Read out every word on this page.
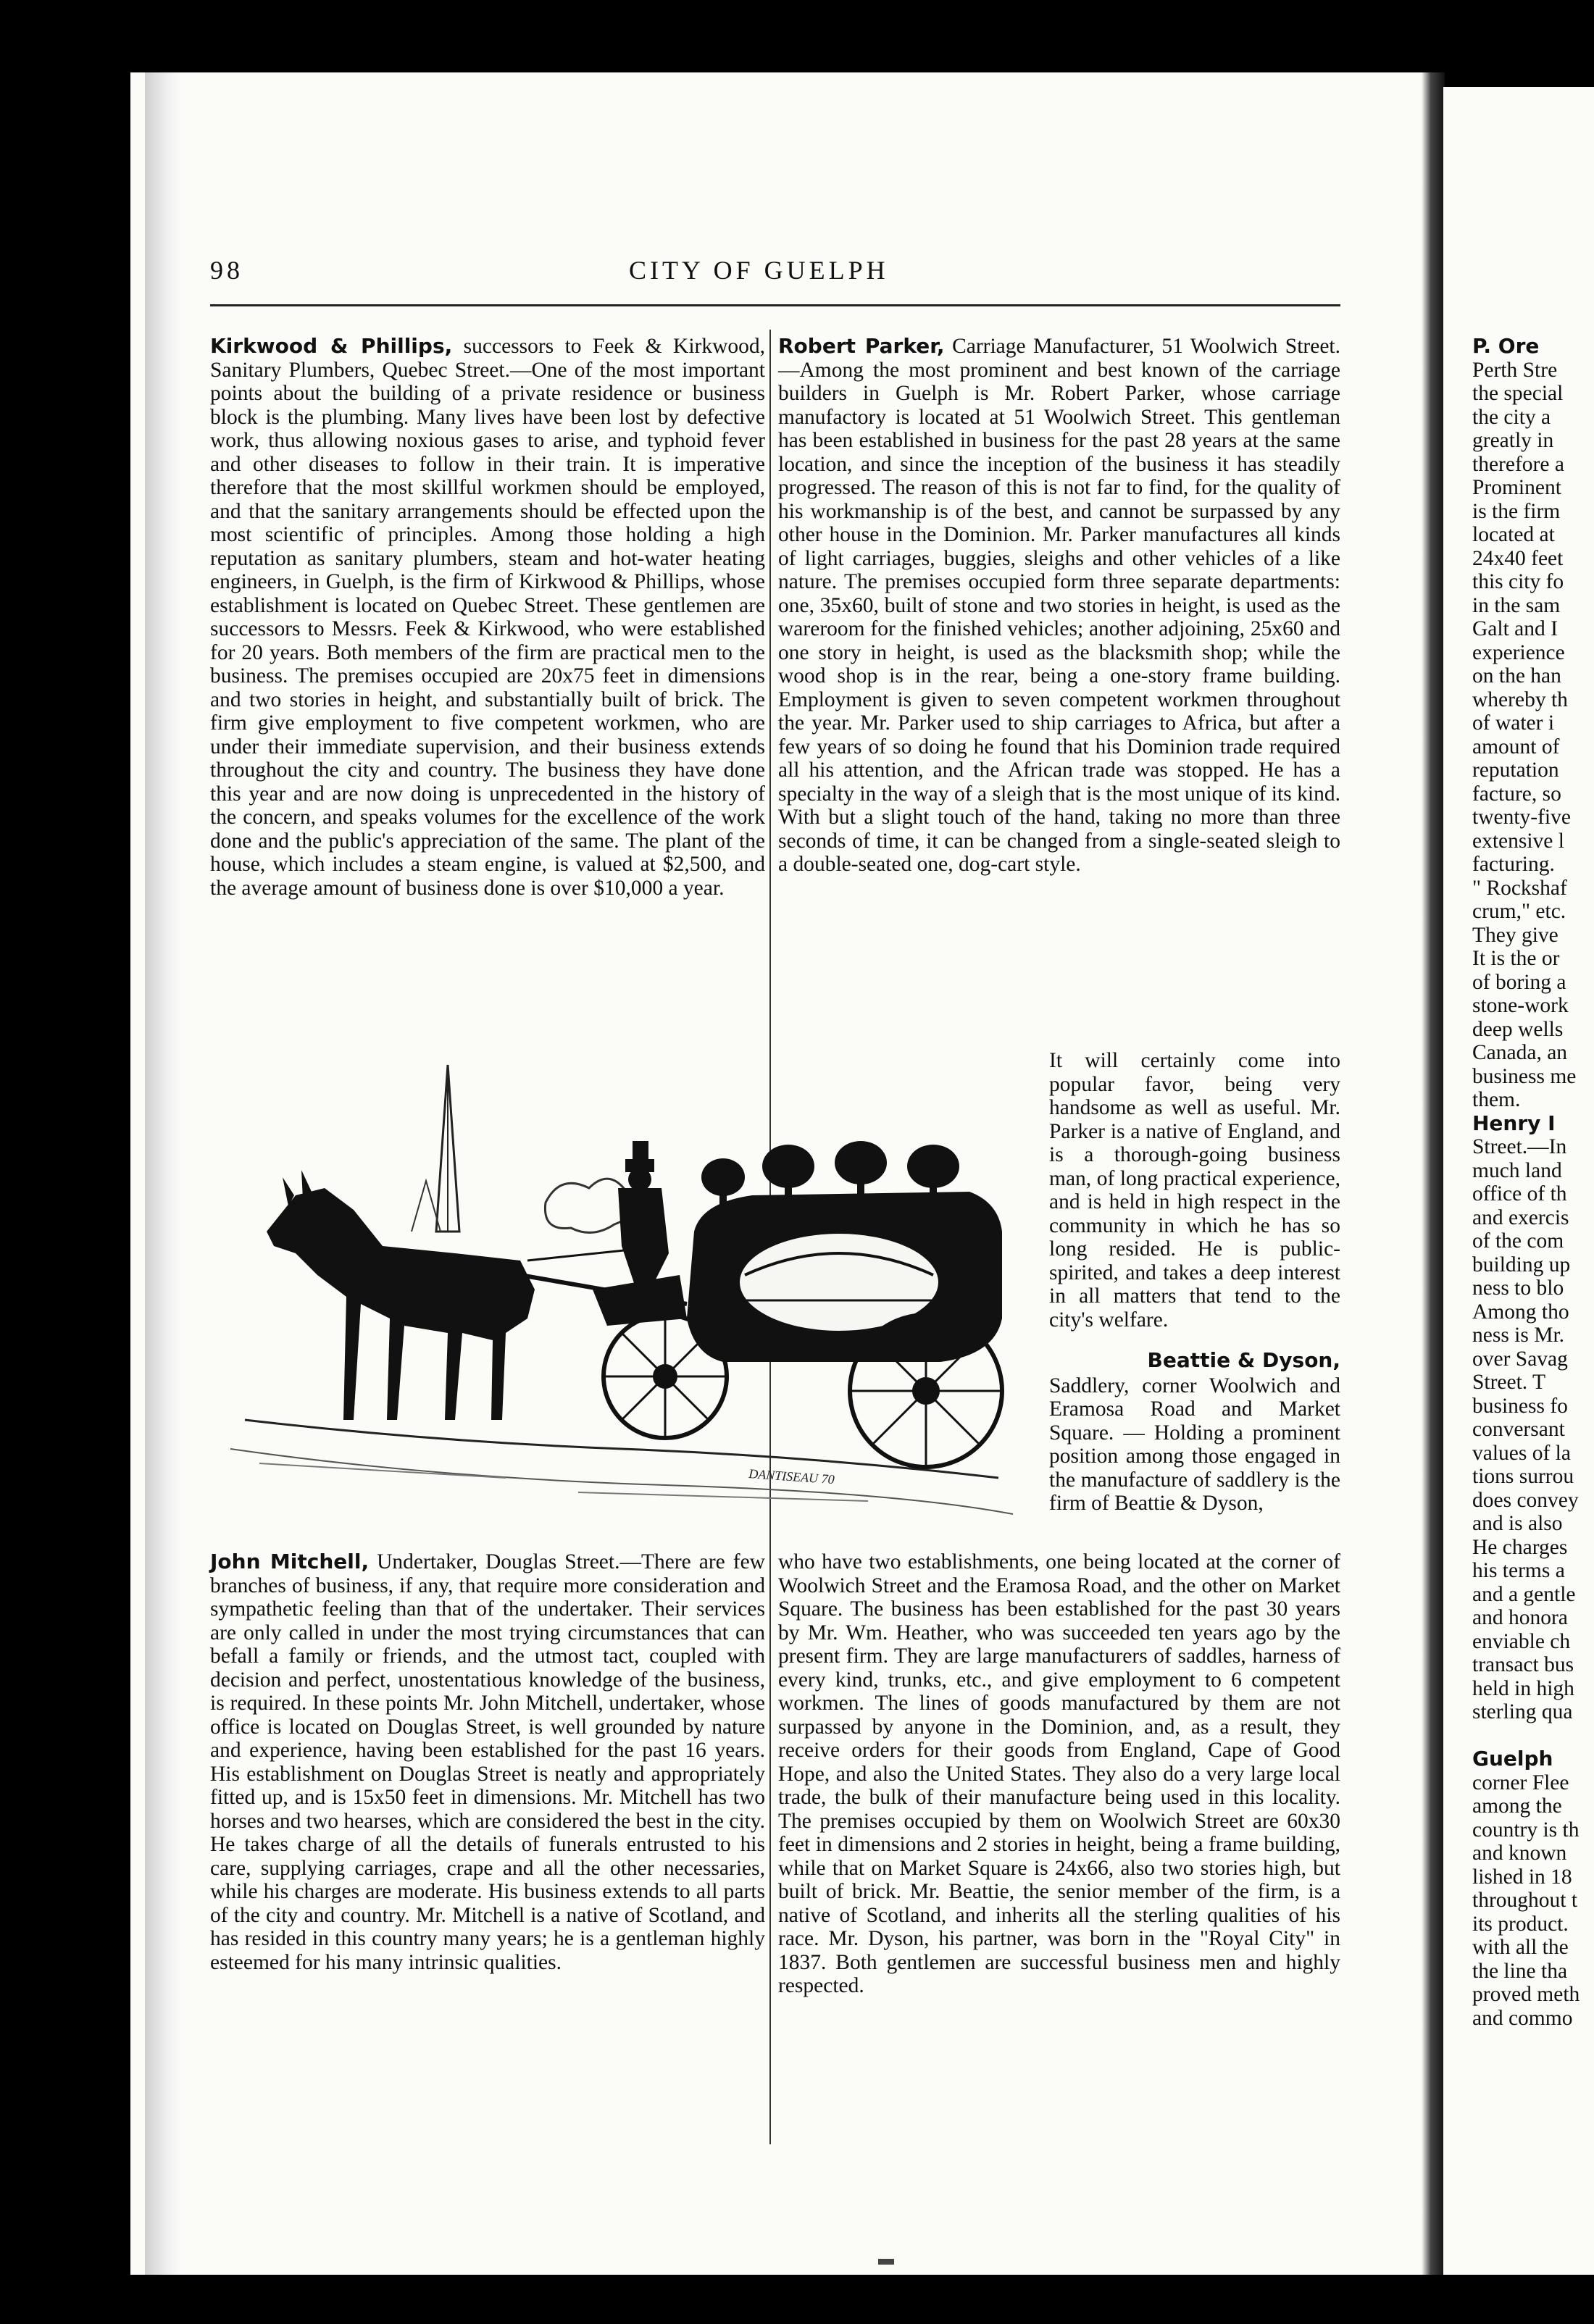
98	CITY OF GUELPH

Kirkwood & Phillips, successors to Feek & Kirkwood, Sanitary Plumbers, Quebec Street.—One of the most important points about the building of a private residence or business block is the plumbing. Many lives have been lost by defective work, thus allowing noxious gases to arise, and typhoid fever and other diseases to follow in their train. It is imperative therefore that the most skillful workmen should be employed, and that the sanitary arrangements should be effected upon the most scientific of principles. Among those holding a high reputation as sanitary plumbers, steam and hot-water heating engineers, in Guelph, is the firm of Kirkwood & Phillips, whose establishment is located on Quebec Street. These gentlemen are successors to Messrs. Feek & Kirkwood, who were established for 20 years. Both members of the firm are practical men to the business. The premises occupied are 20x75 feet in dimensions and two stories in height, and substantially built of brick. The firm give employment to five competent workmen, who are under their immediate supervision, and their business extends throughout the city and country. The business they have done this year and are now doing is unprecedented in the history of the concern, and speaks volumes for the excellence of the work done and the public's appreciation of the same. The plant of the house, which includes a steam engine, is valued at $2,500, and the average amount of business done is over $10,000 a year.

Robert Parker, Carriage Manufacturer, 51 Woolwich Street.—Among the most prominent and best known of the carriage builders in Guelph is Mr. Robert Parker, whose carriage manufactory is located at 51 Woolwich Street. This gentleman has been established in business for the past 28 years at the same location, and since the inception of the business it has steadily progressed. The reason of this is not far to find, for the quality of his workmanship is of the best, and cannot be surpassed by any other house in the Dominion. Mr. Parker manufactures all kinds of light carriages, buggies, sleighs and other vehicles of a like nature. The premises occupied form three separate departments: one, 35x60, built of stone and two stories in height, is used as the wareroom for the finished vehicles; another adjoining, 25x60 and one story in height, is used as the blacksmith shop; while the wood shop is in the rear, being a one-story frame building. Employment is given to seven competent workmen throughout the year. Mr. Parker used to ship carriages to Africa, but after a few years of so doing he found that his Dominion trade required all his attention, and the African trade was stopped. He has a specialty in the way of a sleigh that is the most unique of its kind. With but a slight touch of the hand, taking no more than three seconds of time, it can be changed from a single-seated sleigh to a double-seated one, dog-cart style.

It will certainly come into popular favor, being very handsome as well as useful. Mr. Parker is a native of England, and is a thorough-going business man, of long practical experience, and is held in high respect in the community in which he has so long resided. He is public-spirited, and takes a deep interest in all matters that tend to the city's welfare.

Beattie & Dyson,

Saddlery, corner Woolwich and Eramosa Road and Market Square. — Holding a prominent position among those engaged in the manufacture of saddlery is the firm of Beattie & Dyson,

John Mitchell, Undertaker, Douglas Street.—There are few branches of business, if any, that require more consideration and sympathetic feeling than that of the undertaker. Their services are only called in under the most trying circumstances that can befall a family or friends, and the utmost tact, coupled with decision and perfect, unostentatious knowledge of the business, is required. In these points Mr. John Mitchell, undertaker, whose office is located on Douglas Street, is well grounded by nature and experience, having been established for the past 16 years. His establishment on Douglas Street is neatly and appropriately fitted up, and is 15x50 feet in dimensions. Mr. Mitchell has two horses and two hearses, which are considered the best in the city. He takes charge of all the details of funerals entrusted to his care, supplying carriages, crape and all the other necessaries, while his charges are moderate. His business extends to all parts of the city and country. Mr. Mitchell is a native of Scotland, and has resided in this country many years; he is a gentleman highly esteemed for his many intrinsic qualities.

who have two establishments, one being located at the corner of Woolwich Street and the Eramosa Road, and the other on Market Square. The business has been established for the past 30 years by Mr. Wm. Heather, who was succeeded ten years ago by the present firm. They are large manufacturers of saddles, harness of every kind, trunks, etc., and give employment to 6 competent workmen. The lines of goods manufactured by them are not surpassed by anyone in the Dominion, and, as a result, they receive orders for their goods from England, Cape of Good Hope, and also the United States. They also do a very large local trade, the bulk of their manufacture being used in this locality. The premises occupied by them on Woolwich Street are 60x30 feet in dimensions and 2 stories in height, being a frame building, while that on Market Square is 24x66, also two stories high, but built of brick. Mr. Beattie, the senior member of the firm, is a native of Scotland, and inherits all the sterling qualities of his race. Mr. Dyson, his partner, was born in the "Royal City" in 1837. Both gentlemen are successful business men and highly respected.

DANTISEAU 70
P. Ore
Perth Stre
the special
the city a
greatly in
therefore a
Prominent
is the firm
located at
24x40 feet
this city fo
in the sam
Galt and I
experience
on the han
whereby th
of water i
amount of
reputation
facture, so
twenty-five
extensive l
facturing.
" Rockshaf
crum," etc.
They give
It is the or
of boring a
stone-work
deep wells
Canada, an
business me
them.
Henry I
Street.—In
much land
office of th
and exercis
of the com
building up
ness to blo
Among tho
ness is Mr.
over Savag
Street. T
business fo
conversant
values of la
tions surrou
does convey
and is also
He charges
his terms a
and a gentle
and honora
enviable ch
transact bus
held in high
sterling qua

Guelph
corner Flee
among the
country is th
and known
lished in 18
throughout t
its product.
with all the
the line tha
proved meth
and commo
